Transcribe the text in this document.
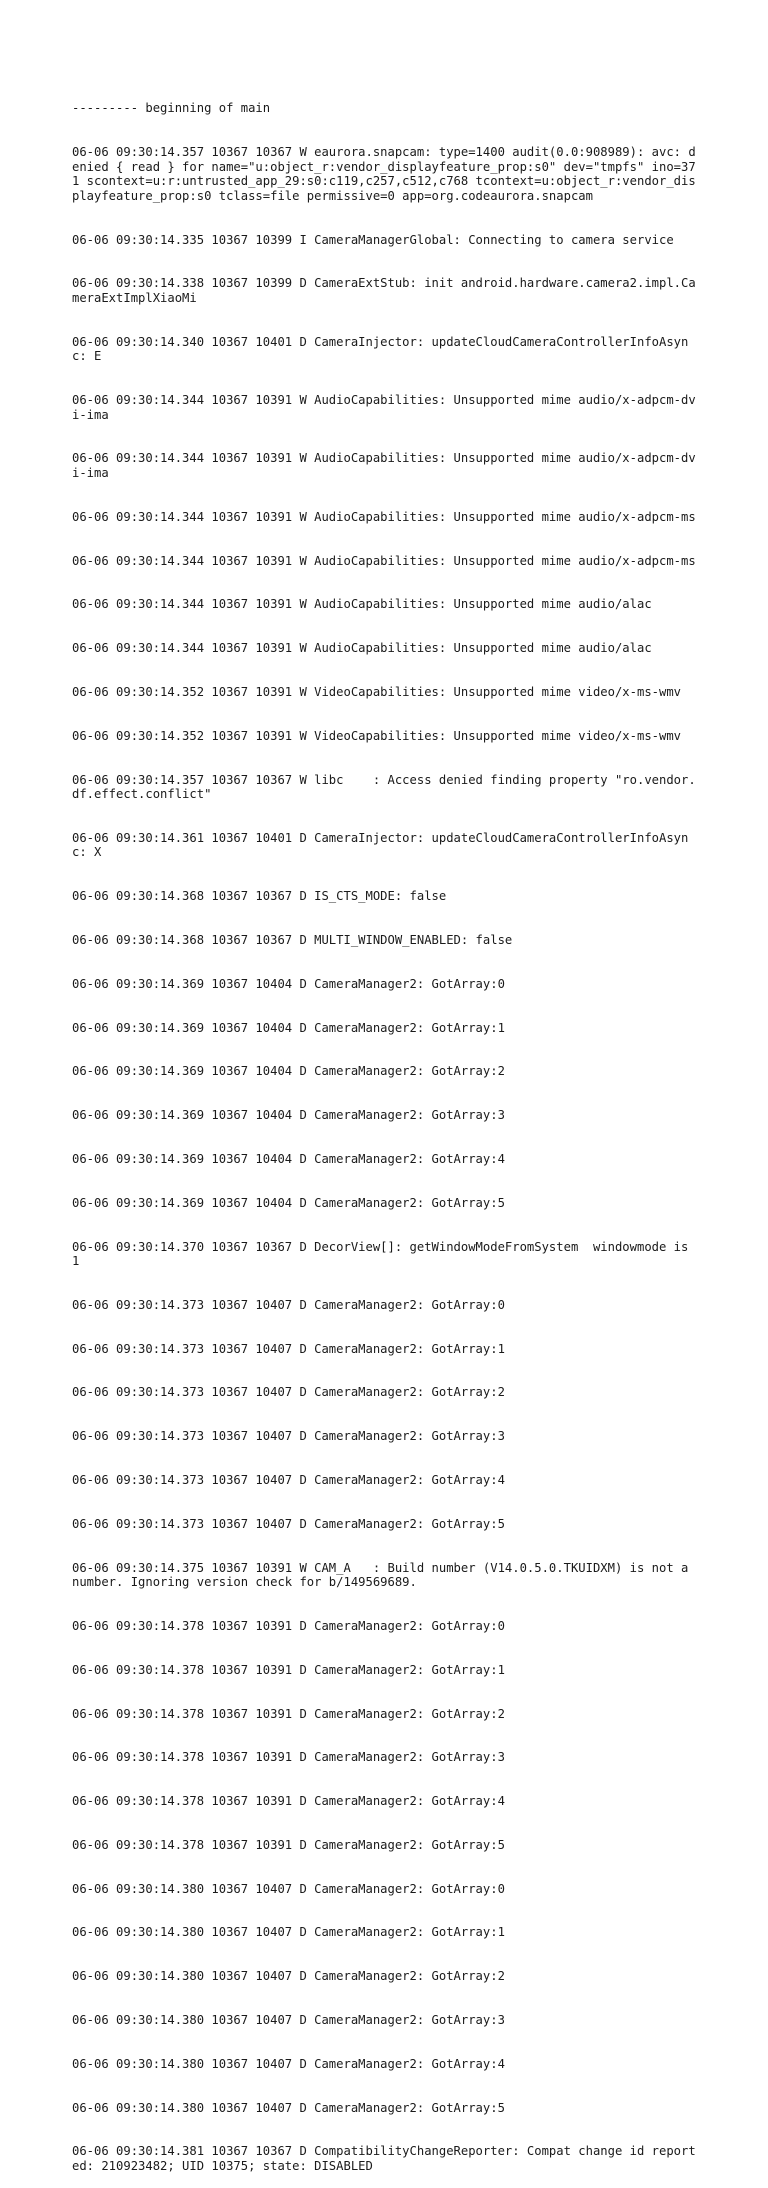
--------- beginning of main

06-06 09:30:14.357 10367 10367 W eaurora.snapcam: type=1400 audit(0.0:908989): avc: denied { read } for name="u:object_r:vendor_displayfeature_prop:s0" dev="tmpfs" ino=371 scontext=u:r:untrusted_app_29:s0:c119,c257,c512,c768 tcontext=u:object_r:vendor_displayfeature_prop:s0 tclass=file permissive=0 app=org.codeaurora.snapcam

06-06 09:30:14.335 10367 10399 I CameraManagerGlobal: Connecting to camera service

06-06 09:30:14.338 10367 10399 D CameraExtStub: init android.hardware.camera2.impl.CameraExtImplXiaoMi

06-06 09:30:14.340 10367 10401 D CameraInjector: updateCloudCameraControllerInfoAsync: E

06-06 09:30:14.344 10367 10391 W AudioCapabilities: Unsupported mime audio/x-adpcm-dvi-ima

06-06 09:30:14.344 10367 10391 W AudioCapabilities: Unsupported mime audio/x-adpcm-dvi-ima

06-06 09:30:14.344 10367 10391 W AudioCapabilities: Unsupported mime audio/x-adpcm-ms

06-06 09:30:14.344 10367 10391 W AudioCapabilities: Unsupported mime audio/x-adpcm-ms

06-06 09:30:14.344 10367 10391 W AudioCapabilities: Unsupported mime audio/alac

06-06 09:30:14.344 10367 10391 W AudioCapabilities: Unsupported mime audio/alac

06-06 09:30:14.352 10367 10391 W VideoCapabilities: Unsupported mime video/x-ms-wmv

06-06 09:30:14.352 10367 10391 W VideoCapabilities: Unsupported mime video/x-ms-wmv

06-06 09:30:14.357 10367 10367 W libc    : Access denied finding property "ro.vendor.df.effect.conflict"

06-06 09:30:14.361 10367 10401 D CameraInjector: updateCloudCameraControllerInfoAsync: X

06-06 09:30:14.368 10367 10367 D IS_CTS_MODE: false

06-06 09:30:14.368 10367 10367 D MULTI_WINDOW_ENABLED: false

06-06 09:30:14.369 10367 10404 D CameraManager2: GotArray:0

06-06 09:30:14.369 10367 10404 D CameraManager2: GotArray:1

06-06 09:30:14.369 10367 10404 D CameraManager2: GotArray:2

06-06 09:30:14.369 10367 10404 D CameraManager2: GotArray:3

06-06 09:30:14.369 10367 10404 D CameraManager2: GotArray:4

06-06 09:30:14.369 10367 10404 D CameraManager2: GotArray:5

06-06 09:30:14.370 10367 10367 D DecorView[]: getWindowModeFromSystem  windowmode is 1

06-06 09:30:14.373 10367 10407 D CameraManager2: GotArray:0

06-06 09:30:14.373 10367 10407 D CameraManager2: GotArray:1

06-06 09:30:14.373 10367 10407 D CameraManager2: GotArray:2

06-06 09:30:14.373 10367 10407 D CameraManager2: GotArray:3

06-06 09:30:14.373 10367 10407 D CameraManager2: GotArray:4

06-06 09:30:14.373 10367 10407 D CameraManager2: GotArray:5

06-06 09:30:14.375 10367 10391 W CAM_A   : Build number (V14.0.5.0.TKUIDXM) is not a number. Ignoring version check for b/149569689.

06-06 09:30:14.378 10367 10391 D CameraManager2: GotArray:0

06-06 09:30:14.378 10367 10391 D CameraManager2: GotArray:1

06-06 09:30:14.378 10367 10391 D CameraManager2: GotArray:2

06-06 09:30:14.378 10367 10391 D CameraManager2: GotArray:3

06-06 09:30:14.378 10367 10391 D CameraManager2: GotArray:4

06-06 09:30:14.378 10367 10391 D CameraManager2: GotArray:5

06-06 09:30:14.380 10367 10407 D CameraManager2: GotArray:0

06-06 09:30:14.380 10367 10407 D CameraManager2: GotArray:1

06-06 09:30:14.380 10367 10407 D CameraManager2: GotArray:2

06-06 09:30:14.380 10367 10407 D CameraManager2: GotArray:3

06-06 09:30:14.380 10367 10407 D CameraManager2: GotArray:4

06-06 09:30:14.380 10367 10407 D CameraManager2: GotArray:5

06-06 09:30:14.381 10367 10367 D CompatibilityChangeReporter: Compat change id reported: 210923482; UID 10375; state: DISABLED
